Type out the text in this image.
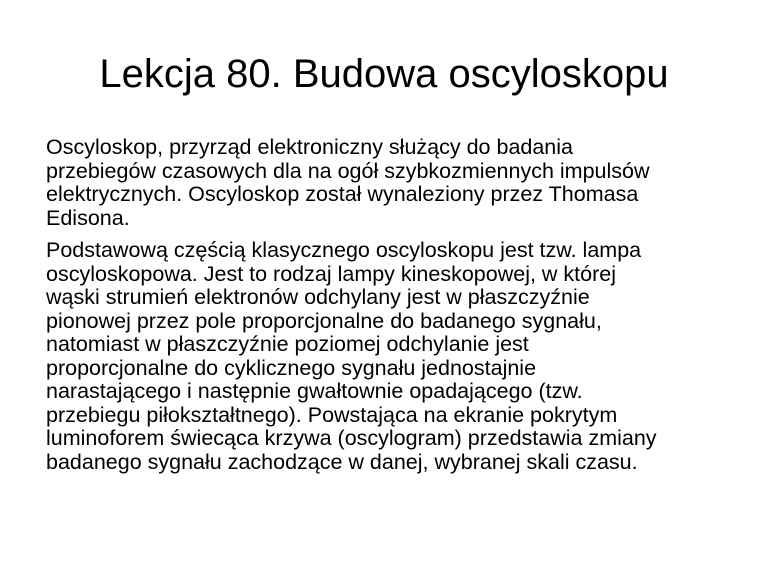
Lekcja 80. Budowa oscyloskopu

Oscyloskop, przyrząd elektroniczny służący do badania
przebiegów czasowych dla na ogół szybkozmiennych impulsów
elektrycznych. Oscyloskop został wynaleziony przez Thomasa
Edisona.

Podstawową częścią klasycznego oscyloskopu jest tzw. lampa
oscyloskopowa. Jest to rodzaj lampy kineskopowej, w której
wąski strumień elektronów odchylany jest w płaszczyźnie
pionowej przez pole proporcjonalne do badanego sygnału,
natomiast w płaszczyźnie poziomej odchylanie jest
proporcjonalne do cyklicznego sygnału jednostajnie
narastającego i następnie gwałtownie opadającego (tzw.
przebiegu piłokształtnego). Powstająca na ekranie pokrytym
luminoforem świecąca krzywa (oscylogram) przedstawia zmiany
badanego sygnału zachodzące w danej, wybranej skali czasu.
